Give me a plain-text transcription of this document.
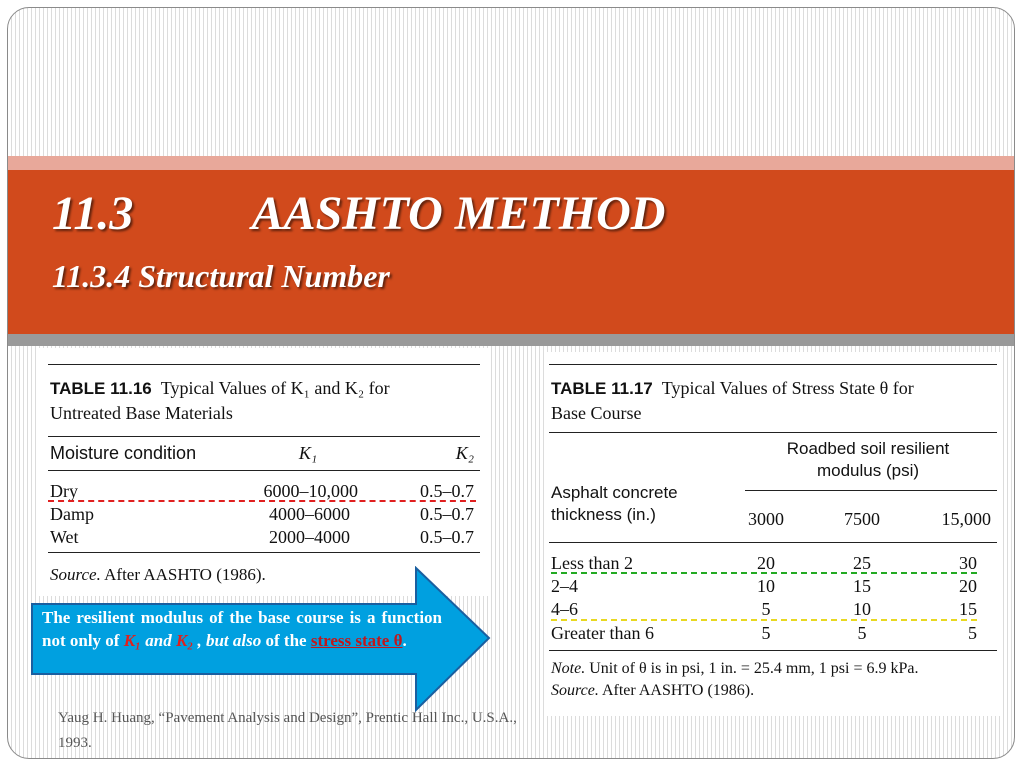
11.3 AASHTO METHOD
11.3.4 Structural Number
TABLE 11.16 Typical Values of K₁ and K₂ for
Untreated Base Materials
Moisture condition	K₁	K₂
Dry	6000–10,000	0.5–0.7
Damp	4000–6000	0.5–0.7
Wet	2000–4000	0.5–0.7
Source. After AASHTO (1986).
TABLE 11.17 Typical Values of Stress State θ for
Base Course
Roadbed soil resilient
modulus (psi)
Asphalt concrete
thickness (in.)	3000	7500	15,000
Less than 2	20	25	30
2–4	10	15	20
4–6	5	10	15
Greater than 6	5	5	5
Note. Unit of θ is in psi, 1 in. = 25.4 mm, 1 psi = 6.9 kPa.
Source. After AASHTO (1986).
The resilient modulus of the base course is a function not only of K₁ and K₂ , but also of the stress state θ.
Yaug H. Huang, “Pavement Analysis and Design”, Prentic Hall Inc., U.S.A., 1993.
